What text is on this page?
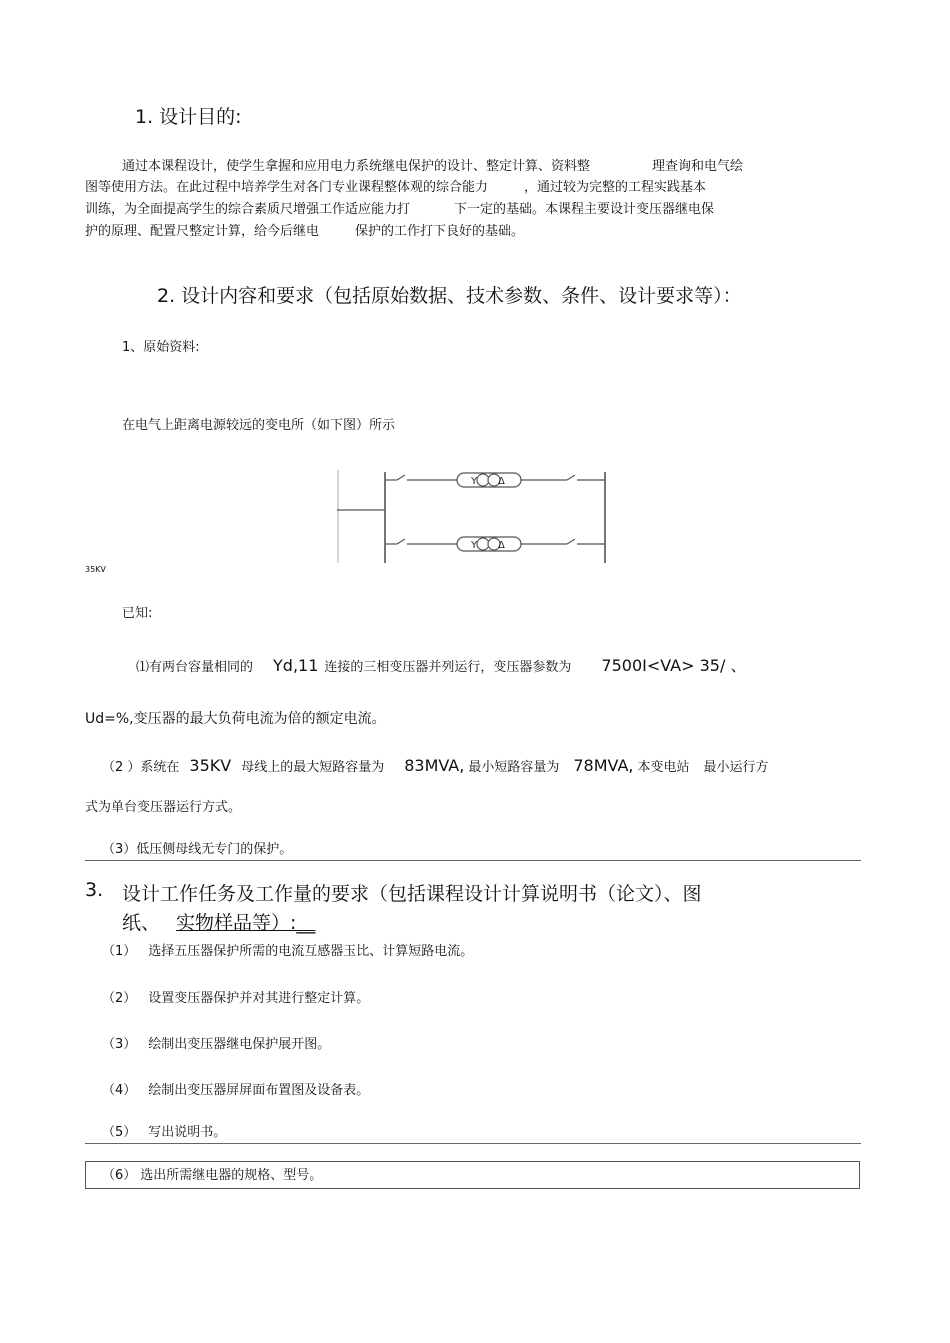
1. 设计目的:
通过本课程设计，使学生拿握和应用电力系统继电保护的设计、整定计算、资料整	理查询和电气绘
图等使用方法。在此过程中培养学生对各门专业课程整体观的综合能力	，通过较为完整的工程实践基本
训练，为全面提高学生的综合素质尺增强工作适应能力打	下一定的基础。本课程主要设计变压器继电保
护的原理、配置尺整定计算，给今后继电	保护的工作打下良好的基础。
2. 设计内容和要求（包括原始数据、技术参数、条件、设计要求等）：
1、原始资料:
在电气上距离电源较远的变电所（如下图）所示
Y Δ
Y Δ
35KV
已知:
⑴有两台容量相同的 Yd,11 连接的三相变压器并列运行，变压器参数为 7500I<VA> 35/ 、
Ud=%,变压器的最大负荷电流为倍的额定电流。
（2 ）系统在 35KV 母线上的最大短路容量为 83MVA, 最小短路容量为 78MVA, 本变电站 最小运行方
式为单台变压器运行方式。
（3）低压侧母线无专门的保护。
3. 设计工作任务及工作量的要求（包括课程设计计算说明书（论文）、图
纸、 实物样品等）:__
（1） 选择五压器保护所需的电流互感器玉比、计算短路电流。
（2） 设置变压器保护并对其进行整定计算。
（3） 绘制出变压器继电保护展开图。
（4） 绘制出变压器屏屏面布置图及设备表。
（5） 写出说明书。
（6） 选出所需继电器的规格、型号。
